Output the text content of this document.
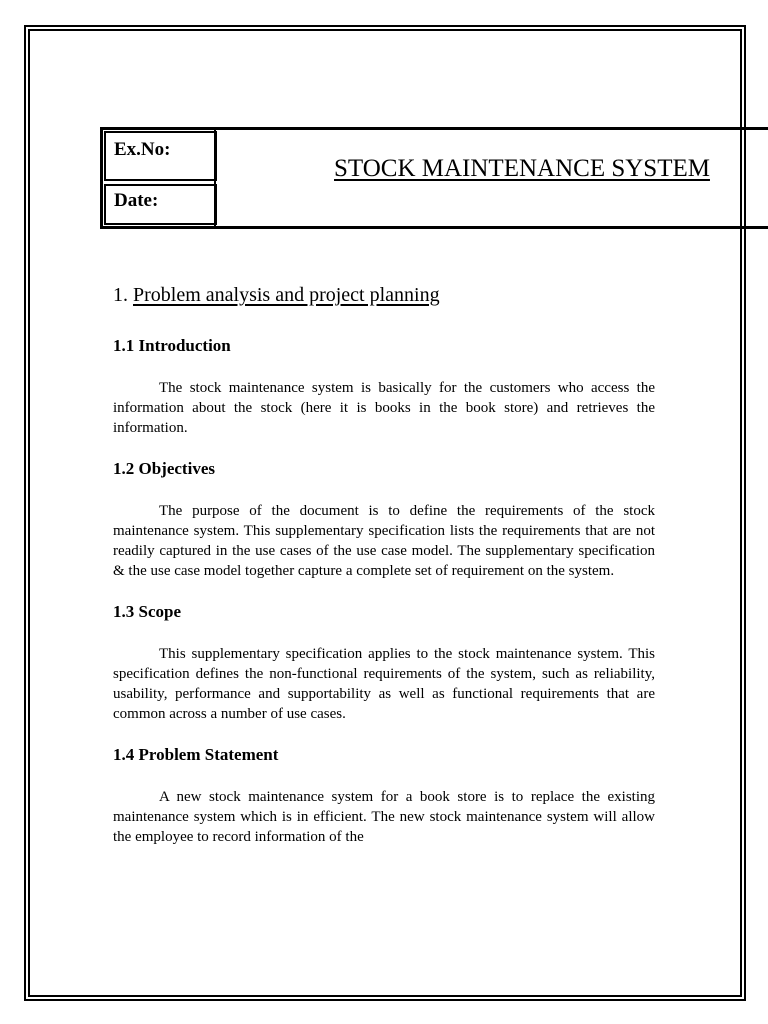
Ex.No:
Date:
STOCK MAINTENANCE SYSTEM
1. Problem analysis and project planning
1.1 Introduction

The stock maintenance system is basically for the customers who access the information about the stock (here it is books in the book store) and retrieves the information.

1.2 Objectives

The purpose of the document is to define the requirements of the stock maintenance system. This supplementary specification lists the requirements that are not readily captured in the use cases of the use case model. The supplementary specification & the use case model together capture a complete set of requirement on the system.

1.3 Scope

This supplementary specification applies to the stock maintenance system. This specification defines the non-functional requirements of the system, such as reliability, usability, performance and supportability as well as functional requirements that are common across a number of use cases.

1.4 Problem Statement

A new stock maintenance system for a book store is to replace the existing maintenance system which is in efficient. The new stock maintenance system will allow the employee to record information of the
